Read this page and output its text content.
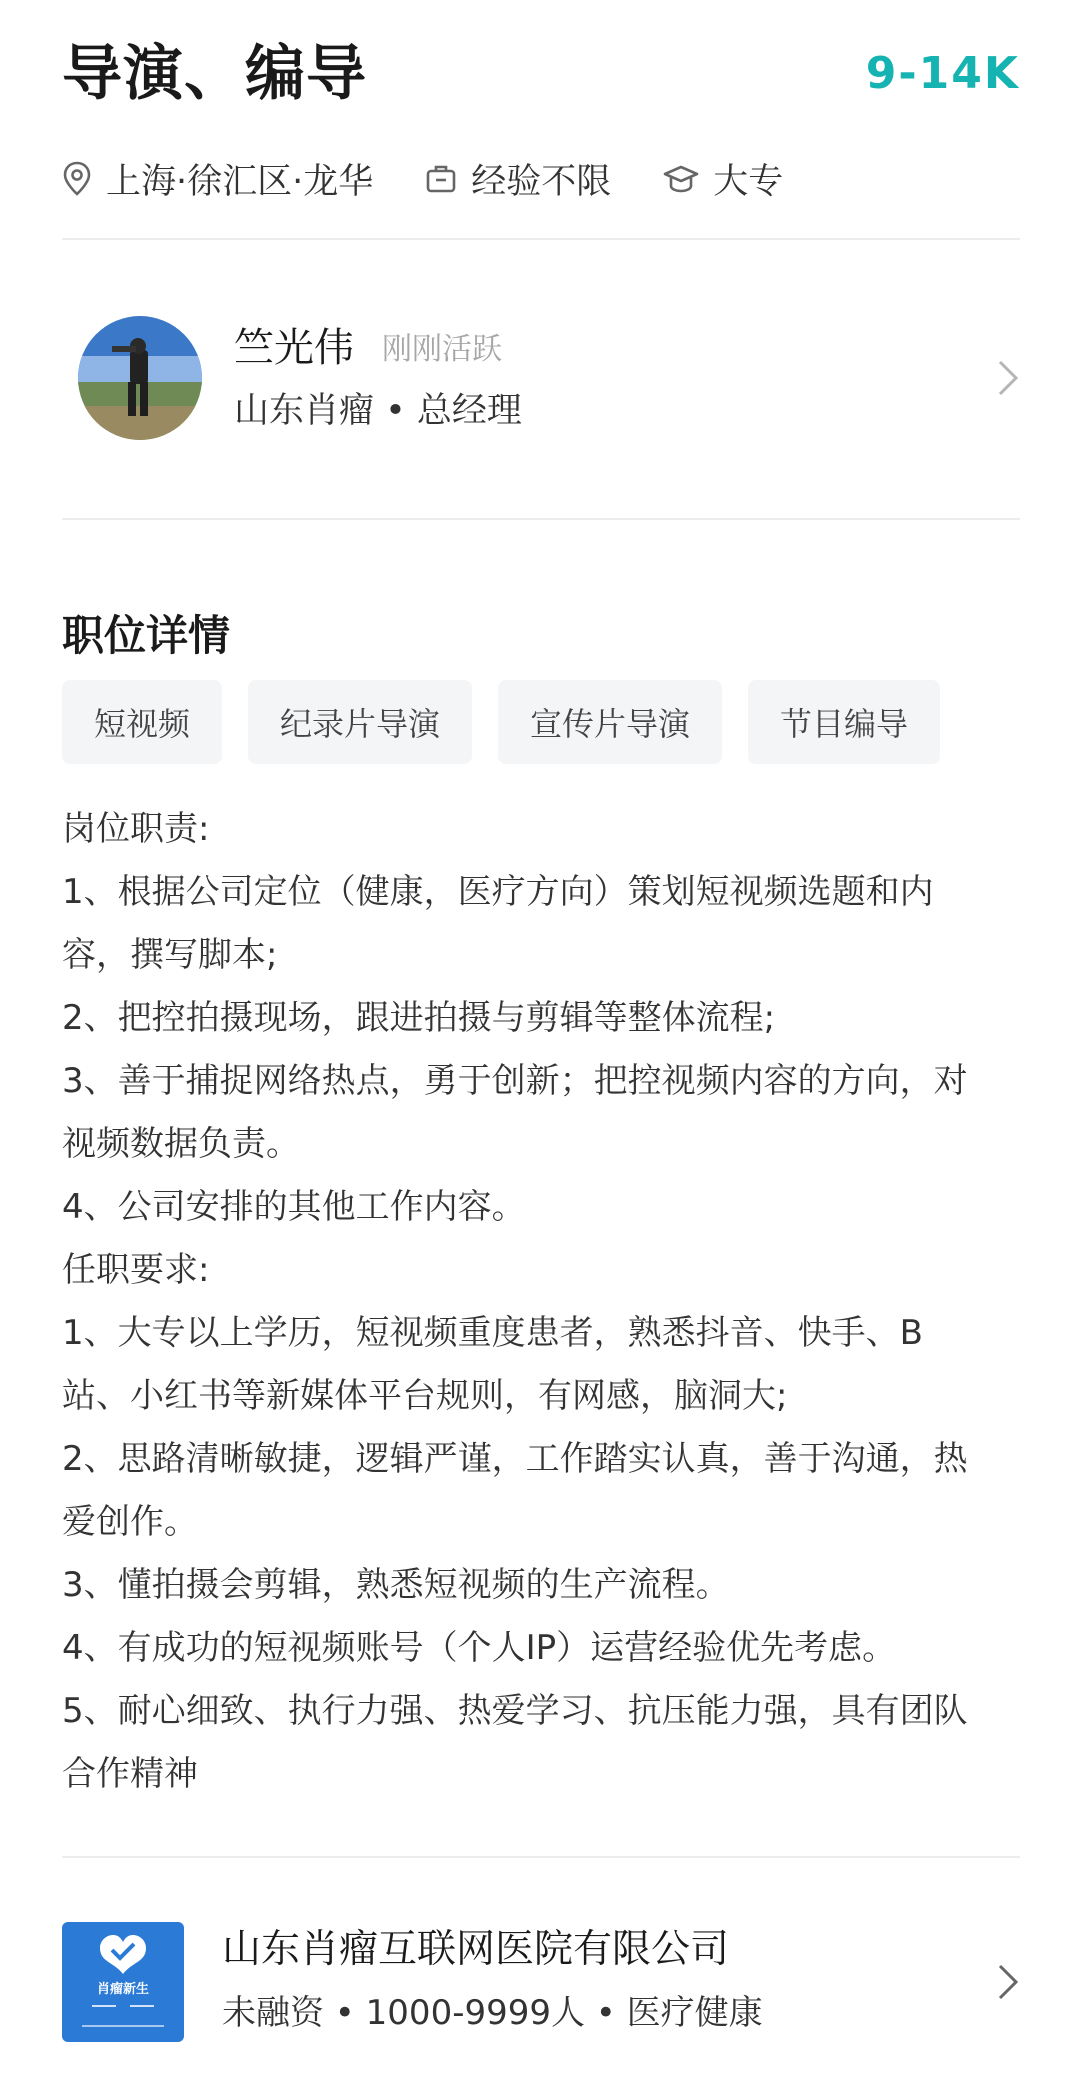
导演、编导	9-14K
上海·徐汇区·龙华	经验不限	大专
竺光伟 刚刚活跃
山东肖瘤 • 总经理
职位详情
短视频	纪录片导演	宣传片导演	节目编导
岗位职责:
1、根据公司定位（健康，医疗方向）策划短视频选题和内
容，撰写脚本;
2、把控拍摄现场，跟进拍摄与剪辑等整体流程;
3、善于捕捉网络热点，勇于创新；把控视频内容的方向，对
视频数据负责。
4、公司安排的其他工作内容。
任职要求:
1、大专以上学历，短视频重度患者，熟悉抖音、快手、B
站、小红书等新媒体平台规则，有网感，脑洞大;
2、思路清晰敏捷，逻辑严谨，工作踏实认真，善于沟通，热
爱创作。
3、懂拍摄会剪辑，熟悉短视频的生产流程。
4、有成功的短视频账号（个人IP）运营经验优先考虑。
5、耐心细致、执行力强、热爱学习、抗压能力强，具有团队
合作精神
肖瘤新生
山东肖瘤互联网医院有限公司
未融资 • 1000-9999人 • 医疗健康
